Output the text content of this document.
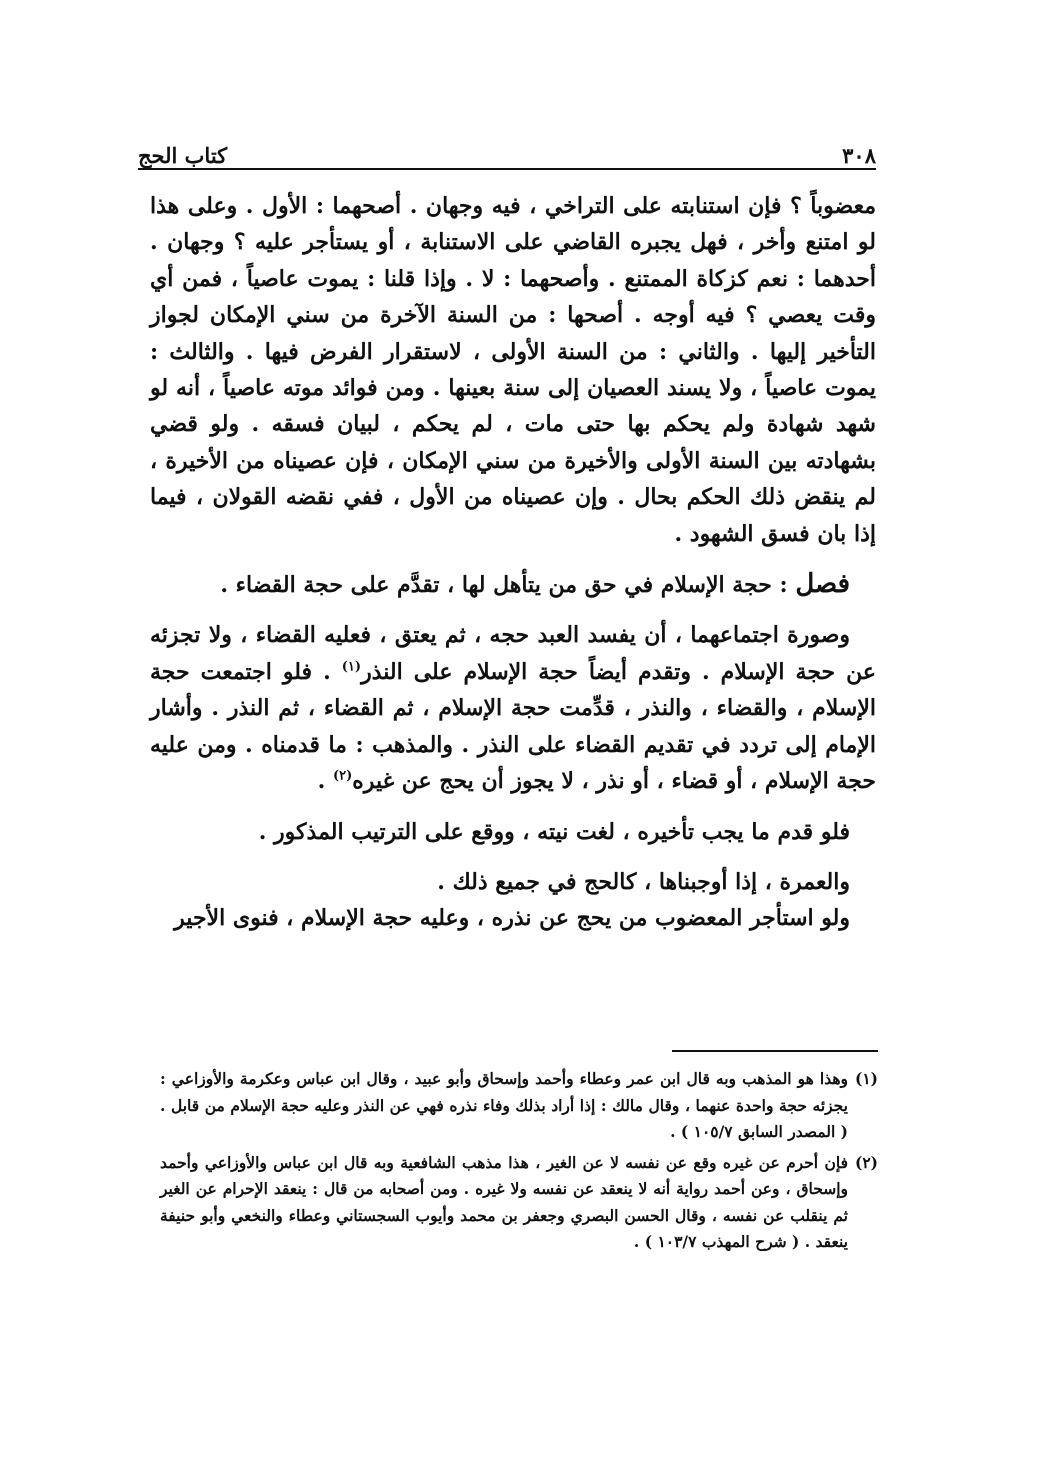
٣٠٨
كتاب الحج

معضوباً ؟ فإن استنابته على التراخي ، فيه وجهان . أصحهما : الأول . وعلى هذا لو امتنع وأخر ، فهل يجبره القاضي على الاستنابة ، أو يستأجر عليه ؟ وجهان . أحدهما : نعم كزكاة الممتنع . وأصحهما : لا . وإذا قلنا : يموت عاصياً ، فمن أي وقت يعصي ؟ فيه أوجه . أصحها : من السنة الآخرة من سني الإمكان لجواز التأخير إليها . والثاني : من السنة الأولى ، لاستقرار الفرض فيها . والثالث : يموت عاصياً ، ولا يسند العصيان إلى سنة بعينها . ومن فوائد موته عاصياً ، أنه لو شهد شهادة ولم يحكم بها حتى مات ، لم يحكم ، لبيان فسقه . ولو قضي بشهادته بين السنة الأولى والأخيرة من سني الإمكان ، فإن عصيناه من الأخيرة ، لم ينقض ذلك الحكم بحال . وإن عصيناه من الأول ، ففي نقضه القولان ، فيما إذا بان فسق الشهود .

فصل : حجة الإسلام في حق من يتأهل لها ، تقدَّم على حجة القضاء .

وصورة اجتماعهما ، أن يفسد العبد حجه ، ثم يعتق ، فعليه القضاء ، ولا تجزئه عن حجة الإسلام . وتقدم أيضاً حجة الإسلام على النذر$^{(١)}$ . فلو اجتمعت حجة الإسلام ، والقضاء ، والنذر ، قدِّمت حجة الإسلام ، ثم القضاء ، ثم النذر . وأشار الإمام إلى تردد في تقديم القضاء على النذر . والمذهب : ما قدمناه . ومن عليه حجة الإسلام ، أو قضاء ، أو نذر ، لا يجوز أن يحج عن غيره$^{(٢)}$ .

فلو قدم ما يجب تأخيره ، لغت نيته ، ووقع على الترتيب المذكور .

والعمرة ، إذا أوجبناها ، كالحج في جميع ذلك .

ولو استأجر المعضوب من يحج عن نذره ، وعليه حجة الإسلام ، فنوى الأجير

(١)
وهذا هو المذهب وبه قال ابن عمر وعطاء وأحمد وإسحاق وأبو عبيد ، وقال ابن عباس وعكرمة والأوزاعي : يجزئه حجة واحدة عنهما ، وقال مالك : إذا أراد بذلك وفاء نذره فهي عن النذر وعليه حجة الإسلام من قابل . ( المصدر السابق ١٠٥/٧ ) .
(٢)
فإن أحرم عن غيره وقع عن نفسه لا عن الغير ، هذا مذهب الشافعية وبه قال ابن عباس والأوزاعي وأحمد وإسحاق ، وعن أحمد رواية أنه لا ينعقد عن نفسه ولا غيره . ومن أصحابه من قال : ينعقد الإحرام عن الغير ثم ينقلب عن نفسه ، وقال الحسن البصري وجعفر بن محمد وأيوب السجستاني وعطاء والنخعي وأبو حنيفة ينعقد . ( شرح المهذب ١٠٣/٧ ) .
